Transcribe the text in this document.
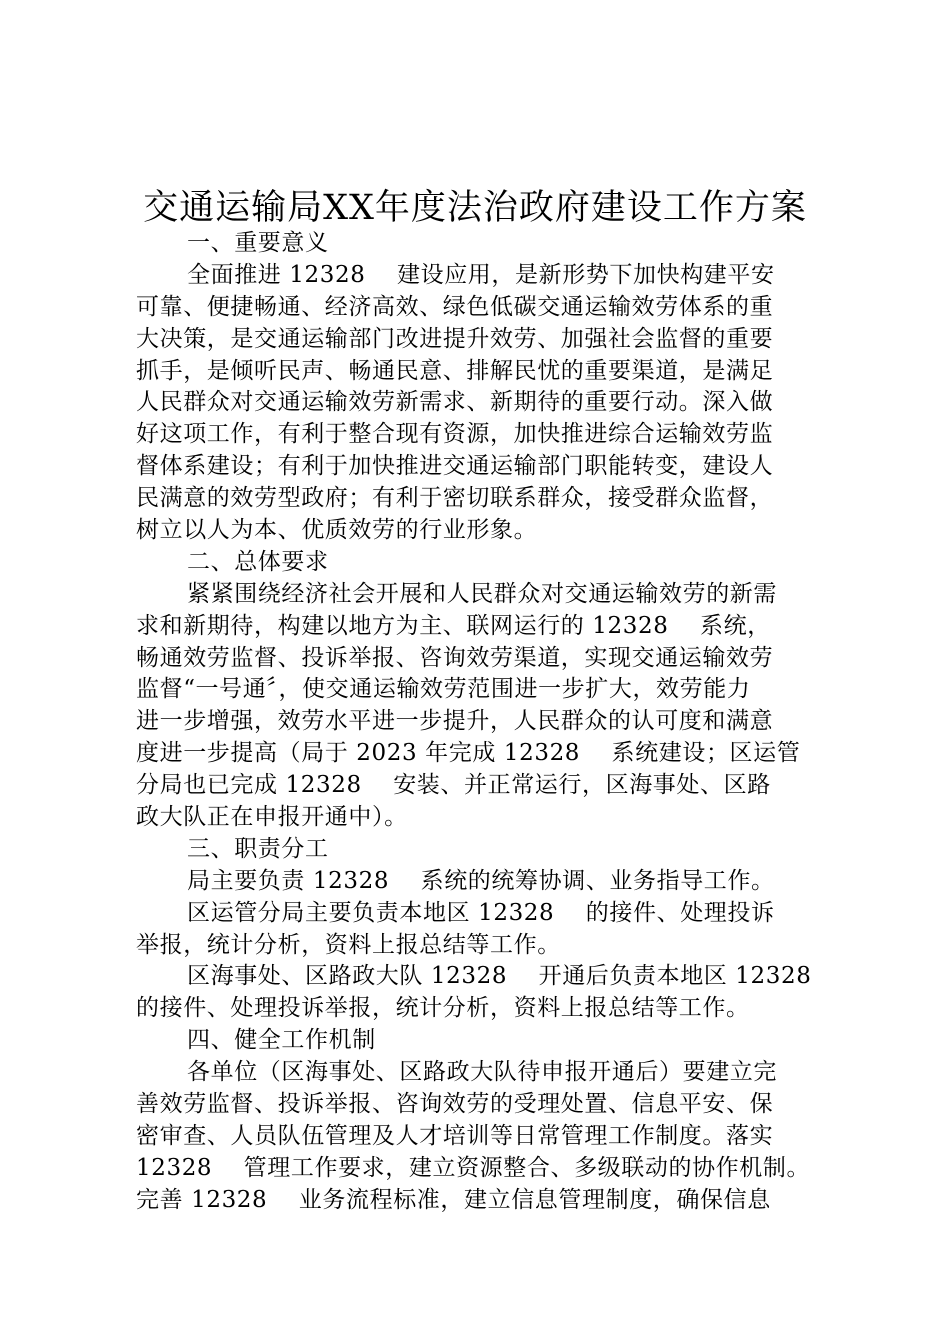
交通运输局XX年度法治政府建设工作方案
一、重要意义
全面推进 12328　 建设应用，是新形势下加快构建平安
可靠、便捷畅通、经济高效、绿色低碳交通运输效劳体系的重
大决策，是交通运输部门改进提升效劳、加强社会监督的重要
抓手，是倾听民声、畅通民意、排解民忧的重要渠道，是满足
人民群众对交通运输效劳新需求、新期待的重要行动。深入做
好这项工作，有利于整合现有资源，加快推进综合运输效劳监
督体系建设；有利于加快推进交通运输部门职能转变，建设人
民满意的效劳型政府；有利于密切联系群众，接受群众监督，
树立以人为本、优质效劳的行业形象。
二、总体要求
紧紧围绕经济社会开展和人民群众对交通运输效劳的新需
求和新期待，构建以地方为主、联网运行的 12328　 系统，
畅通效劳监督、投诉举报、咨询效劳渠道，实现交通运输效劳
监督“一号通〞，使交通运输效劳范围进一步扩大，效劳能力
进一步增强，效劳水平进一步提升，人民群众的认可度和满意
度进一步提高（局于 2023 年完成 12328　 系统建设；区运管
分局也已完成 12328　 安装、并正常运行，区海事处、区路
政大队正在申报开通中）。
三、职责分工
局主要负责 12328　 系统的统筹协调、业务指导工作。
区运管分局主要负责本地区 12328　 的接件、处理投诉
举报，统计分析，资料上报总结等工作。
区海事处、区路政大队 12328　 开通后负责本地区 12328
的接件、处理投诉举报，统计分析，资料上报总结等工作。
四、健全工作机制
各单位（区海事处、区路政大队待申报开通后）要建立完
善效劳监督、投诉举报、咨询效劳的受理处置、信息平安、保
密审查、人员队伍管理及人才培训等日常管理工作制度。落实
12328　 管理工作要求，建立资源整合、多级联动的协作机制。
完善 12328　 业务流程标准，建立信息管理制度，确保信息
